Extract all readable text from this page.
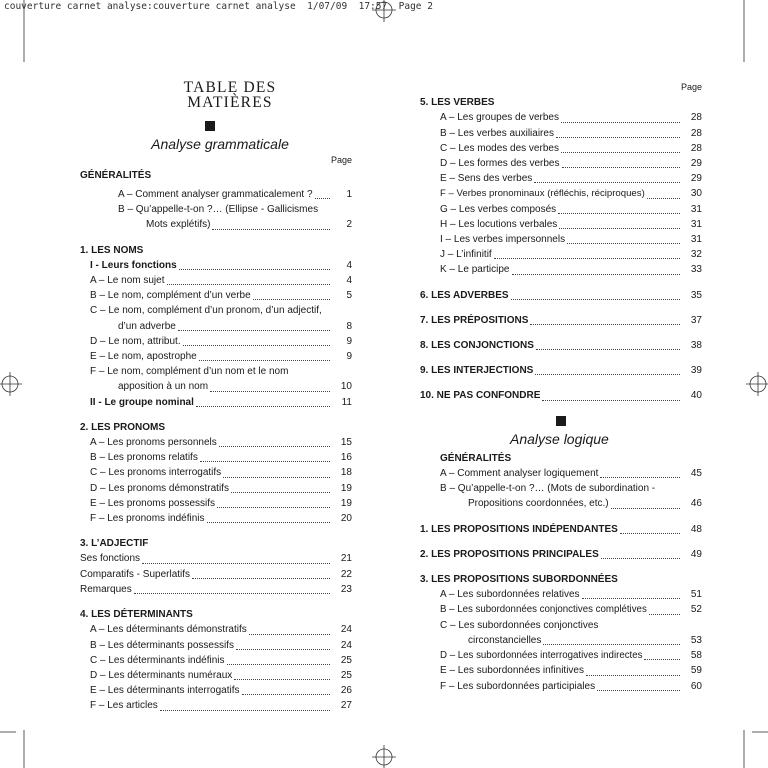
couverture carnet analyse:couverture carnet analyse  1/07/09  17:57  Page 2
TABLE DES MATIÈRES
Analyse grammaticale
Page
GÉNÉRALITÉS
A – Comment analyser grammaticalement ?	1
B – Qu’appelle-t-on ?… (Ellipse - Gallicismes
Mots explétifs)	2
1. LES NOMS
I - Leurs fonctions	4
A – Le nom sujet	4
B – Le nom, complément d’un verbe	5
C – Le nom, complément d’un pronom, d’un adjectif,
d’un adverbe	8
D – Le nom, attribut.	9
E – Le nom, apostrophe	9
F – Le nom, complément d’un nom et le nom
apposition à un nom	10
II - Le groupe nominal	11
2. LES PRONOMS
A – Les pronoms personnels	15
B – Les pronoms relatifs	16
C – Les pronoms interrogatifs	18
D – Les pronoms démonstratifs	19
E – Les pronoms possessifs	19
F – Les pronoms indéfinis	20
3. L’ADJECTIF
Ses fonctions	21
Comparatifs - Superlatifs	22
Remarques	23
4. LES DÉTERMINANTS
A – Les déterminants démonstratifs	24
B – Les déterminants possessifs	24
C – Les déterminants indéfinis	25
D – Les déterminants numéraux	25
E – Les déterminants interrogatifs	26
F – Les articles	27
Page
5. LES VERBES
A – Les groupes de verbes	28
B – Les verbes auxiliaires	28
C – Les modes des verbes	28
D – Les formes des verbes	29
E – Sens des verbes	29
F – Verbes pronominaux (réfléchis, réciproques)	30
G – Les verbes composés	31
H – Les locutions verbales	31
I – Les verbes impersonnels	31
J – L’infinitif	32
K – Le participe	33
6. LES ADVERBES	35
7. LES PRÉPOSITIONS	37
8. LES CONJONCTIONS	38
9. LES INTERJECTIONS	39
10. NE PAS CONFONDRE	40
Analyse logique
GÉNÉRALITÉS
A – Comment analyser logiquement	45
B – Qu’appelle-t-on ?… (Mots de subordination -
Propositions coordonnées, etc.)	46
1. LES PROPOSITIONS INDÉPENDANTES	48
2. LES PROPOSITIONS PRINCIPALES	49
3. LES PROPOSITIONS SUBORDONNÉES
A – Les subordonnées relatives	51
B – Les subordonnées conjonctives complétives	52
C – Les subordonnées conjonctives
circonstancielles	53
D – Les subordonnées interrogatives indirectes	58
E – Les subordonnées infinitives	59
F – Les subordonnées participiales	60
